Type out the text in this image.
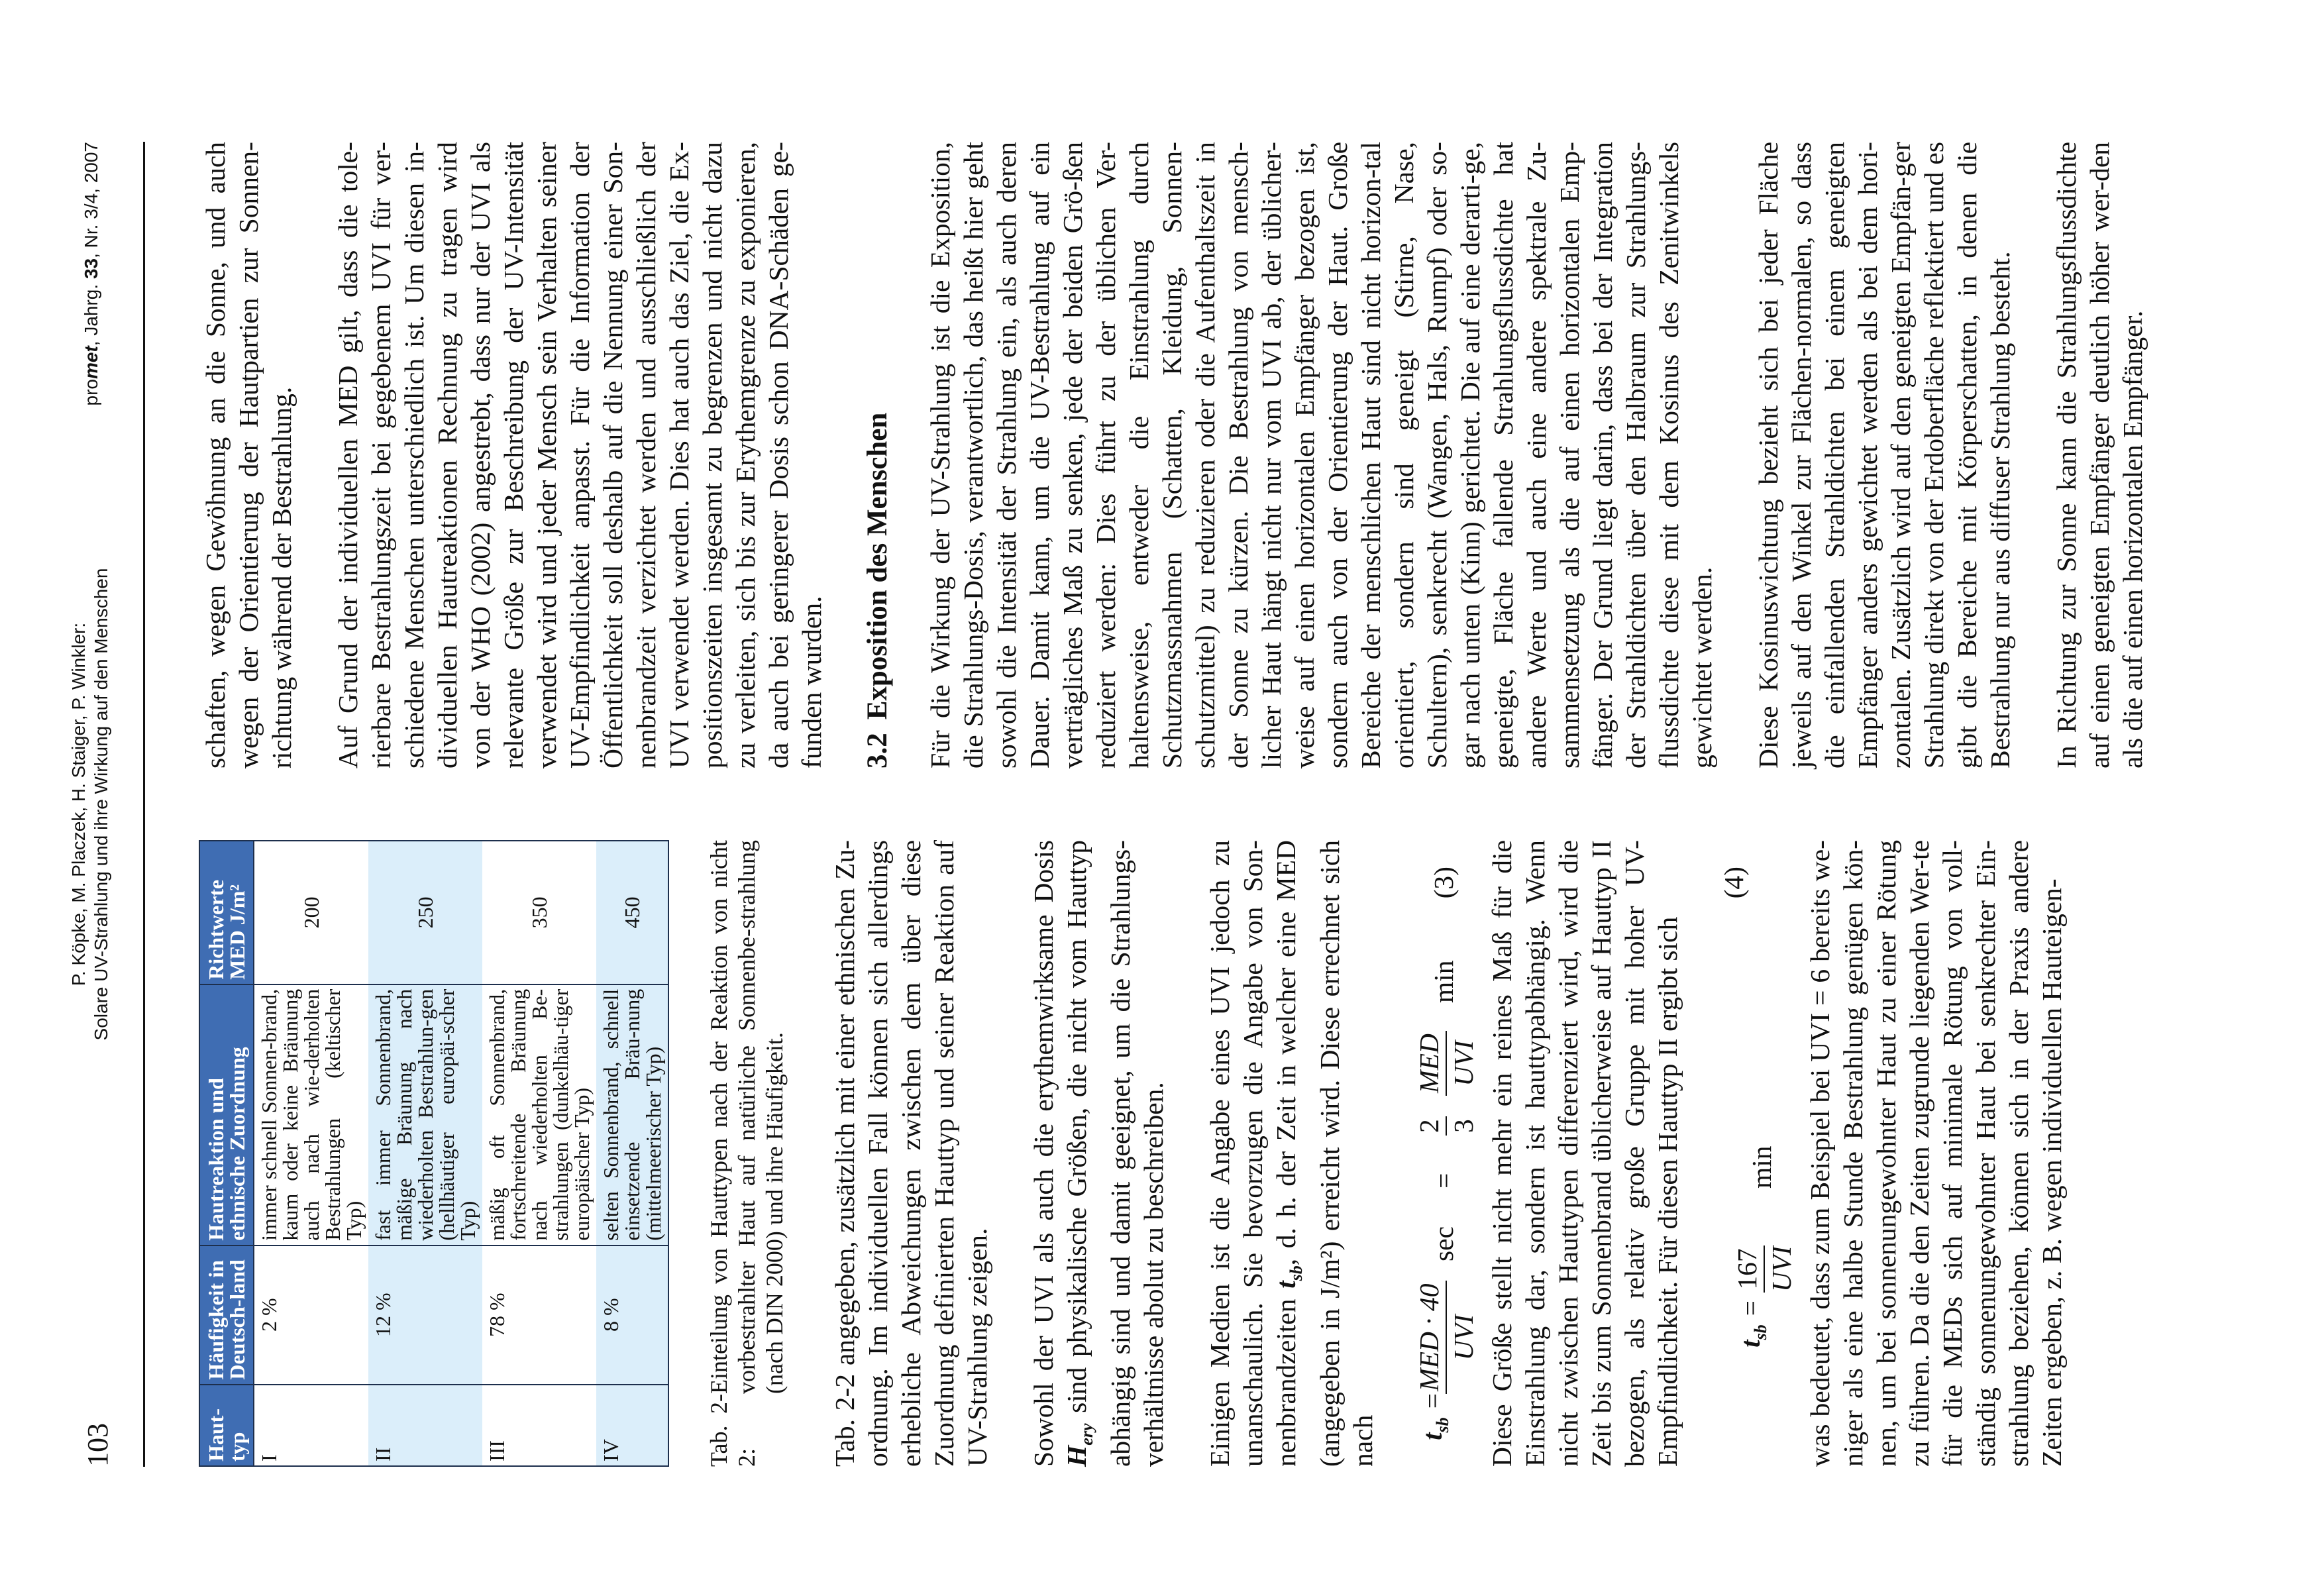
103
P. Köpke, M. Placzek, H. Staiger, P. Winkler: Solare UV-Strahlung und ihre Wirkung auf den Menschen
promet, Jahrg. 33, Nr. 3/4, 2007
Haut-typ	Häufigkeit in Deutsch-land	Hautreaktion und ethnische Zuordnung	Richtwerte MED J/m²
I	2 %	immer schnell Sonnen-brand, kaum oder keine Bräunung auch nach wie-derholten Bestrahlungen (keltischer Typ)	200
II	12 %	fast immer Sonnenbrand, mäßige Bräunung nach wiederholten Bestrahlun-gen (hellhäutiger europäi-scher Typ)	250
III	78 %	mäßig oft Sonnenbrand, fortschreitende Bräunung nach wiederholten Be-strahlungen (dunkelhäu-tiger europäischer Typ)	350
IV	8 %	selten Sonnenbrand, schnell einsetzende Bräu-nung (mittelmeerischer Typ)	450
Tab. 2-2:
Einteilung von Hauttypen nach der Reaktion von nicht vorbestrahlter Haut auf natürliche Sonnenbe-strahlung (nach DIN 2000) und ihre Häufigkeit. Tab. 2-2 angegeben, zusätzlich mit einer ethnischen Zu-ordnung. Im individuellen Fall können sich allerdings erhebliche Abweichungen zwischen dem über diese Zuordnung definierten Hauttyp und seiner Reaktion auf UV-Strahlung zeigen. Sowohl der UVI als auch die erythemwirksame Dosis $H_{ery}$ sind physikalische Größen, die nicht vom Hauttyp abhängig sind und damit geeignet, um die Strahlungs-verhältnisse abolut zu beschreiben. Einigen Medien ist die Angabe eines UVI jedoch zu unanschaulich. Sie bevorzugen die Angabe von Son-nenbrandzeiten $t_{sb}$, d. h. der Zeit in welcher eine MED (angegeben in J/m²) erreicht wird. Diese errechnet sich nach $t_{sb}$ =
MED · 40 UVI
sec
=
2 3
MED UVI
min
(3) Diese Größe stellt nicht mehr ein reines Maß für die Einstrahlung dar, sondern ist hauttypabhängig. Wenn nicht zwischen Hauttypen differenziert wird, wird die Zeit bis zum Sonnenbrand üblicherweise auf Hauttyp II bezogen, als relativ große Gruppe mit hoher UV-Empfindlichkeit. Für diesen Hauttyp II ergibt sich $t_{sb}$ =
167 UVI
min
(4) was bedeutet, dass zum Beispiel bei UVI = 6 bereits we-niger als eine halbe Stunde Bestrahlung genügen kön-nen, um bei sonnenungewohnter Haut zu einer Rötung zu führen. Da die den Zeiten zugrunde liegenden Wer-te für die MEDs sich auf minimale Rötung von voll-ständig sonnenungewohnter Haut bei senkrechter Ein-strahlung beziehen, können sich in der Praxis andere Zeiten ergeben, z. B. wegen individuellen Hauteigen-

schaften, wegen Gewöhnung an die Sonne, und auch wegen der Orientierung der Hautpartien zur Sonnen-richtung während der Bestrahlung. Auf Grund der individuellen MED gilt, dass die tole-rierbare Bestrahlungszeit bei gegebenem UVI für ver-schiedene Menschen unterschiedlich ist. Um diesen in-dividuellen Hautreaktionen Rechnung zu tragen wird von der WHO (2002) angestrebt, dass nur der UVI als relevante Größe zur Beschreibung der UV-Intensität verwendet wird und jeder Mensch sein Verhalten seiner UV-Empfindlichkeit anpasst. Für die Information der Öffentlichkeit soll deshalb auf die Nennung einer Son-nenbrandzeit verzichtet werden und ausschließlich der UVI verwendet werden. Dies hat auch das Ziel, die Ex-positionszeiten insgesamt zu begrenzen und nicht dazu zu verleiten, sich bis zur Erythemgrenze zu exponieren, da auch bei geringerer Dosis schon DNA-Schäden ge-funden wurden. 3.2Exposition des Menschen Für die Wirkung der UV-Strahlung ist die Exposition, die Strahlungs-Dosis, verantwortlich, das heißt hier geht sowohl die Intensität der Strahlung ein, als auch deren Dauer. Damit kann, um die UV-Bestrahlung auf ein verträgliches Maß zu senken, jede der beiden Grö-ßen reduziert werden: Dies führt zu der üblichen Ver-haltensweise, entweder die Einstrahlung durch Schutzmassnahmen (Schatten, Kleidung, Sonnen-schutzmittel) zu reduzieren oder die Aufenthaltszeit in der Sonne zu kürzen. Die Bestrahlung von mensch-licher Haut hängt nicht nur vom UVI ab, der üblicher-weise auf einen horizontalen Empfänger bezogen ist, sondern auch von der Orientierung der Haut. Große Bereiche der menschlichen Haut sind nicht horizon-tal orientiert, sondern sind geneigt (Stirne, Nase, Schultern), senkrecht (Wangen, Hals, Rumpf) oder so-gar nach unten (Kinn) gerichtet. Die auf eine derarti-ge, geneigte, Fläche fallende Strahlungsflussdichte hat andere Werte und auch eine andere spektrale Zu-sammensetzung als die auf einen horizontalen Emp-fänger. Der Grund liegt darin, dass bei der Integration der Strahldichten über den Halbraum zur Strahlungs-flussdichte diese mit dem Kosinus des Zenitwinkels gewichtet werden. Diese Kosinuswichtung bezieht sich bei jeder Fläche jeweils auf den Winkel zur Flächen-normalen, so dass die einfallenden Strahldichten bei einem geneigten Empfänger anders gewichtet werden als bei dem hori-zontalen. Zusätzlich wird auf den geneigten Empfän-ger Strahlung direkt von der Erdoberfläche reflektiert und es gibt die Bereiche mit Körperschatten, in denen die Bestrahlung nur aus diffuser Strahlung besteht. In Richtung zur Sonne kann die Strahlungsflussdichte auf einen geneigten Empfänger deutlich höher wer-den als die auf einen horizontalen Empfänger.
